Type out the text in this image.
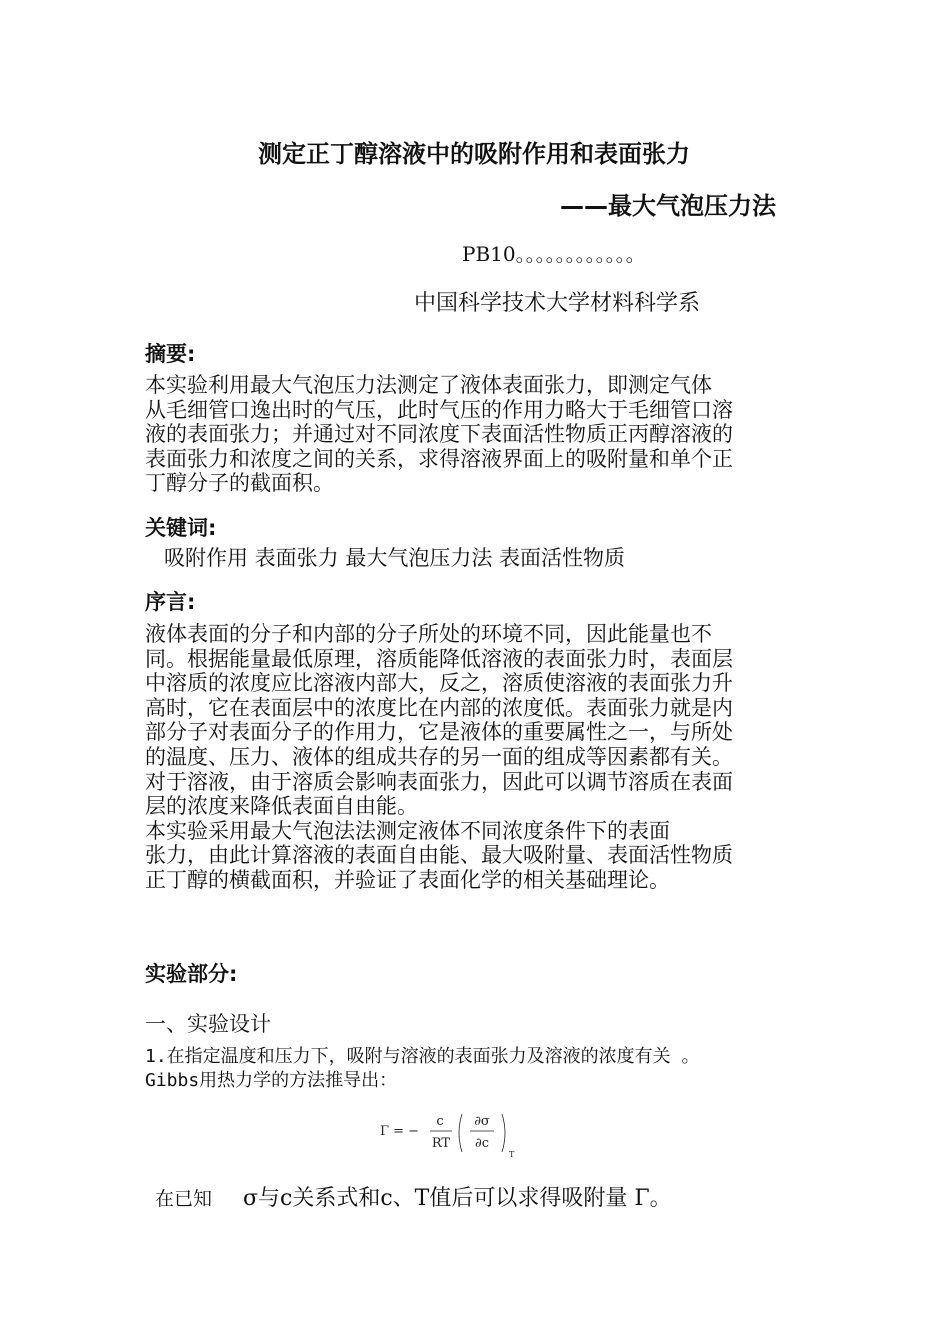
测定正丁醇溶液中的吸附作用和表面张力
——最大气泡压力法
PB10。。。。。。。。。。。。
中国科学技术大学材料科学系
摘要:
本实验利用最大气泡压力法测定了液体表面张力，即测定气体
从毛细管口逸出时的气压，此时气压的作用力略大于毛细管口溶
液的表面张力；并通过对不同浓度下表面活性物质正丙醇溶液的
表面张力和浓度之间的关系，求得溶液界面上的吸附量和单个正
丁醇分子的截面积。
关键词:
吸附作用 表面张力 最大气泡压力法 表面活性物质
序言:
液体表面的分子和内部的分子所处的环境不同，因此能量也不
同。根据能量最低原理，溶质能降低溶液的表面张力时，表面层
中溶质的浓度应比溶液内部大，反之，溶质使溶液的表面张力升
高时，它在表面层中的浓度比在内部的浓度低。表面张力就是内
部分子对表面分子的作用力，它是液体的重要属性之一，与所处
的温度、压力、液体的组成共存的另一面的组成等因素都有关。
对于溶液，由于溶质会影响表面张力，因此可以调节溶质在表面
层的浓度来降低表面自由能。
本实验采用最大气泡法法测定液体不同浓度条件下的表面
张力，由此计算溶液的表面自由能、最大吸附量、表面活性物质
正丁醇的横截面积，并验证了表面化学的相关基础理论。
实验部分:
一、实验设计
1.在指定温度和压力下，吸附与溶液的表面张力及溶液的浓度有关 。
Gibbs用热力学的方法推导出：
Γ = −
c
RT
∂σ
∂c
T
在已知 σ与c关系式和c、T值后可以求得吸附量 Γ。
